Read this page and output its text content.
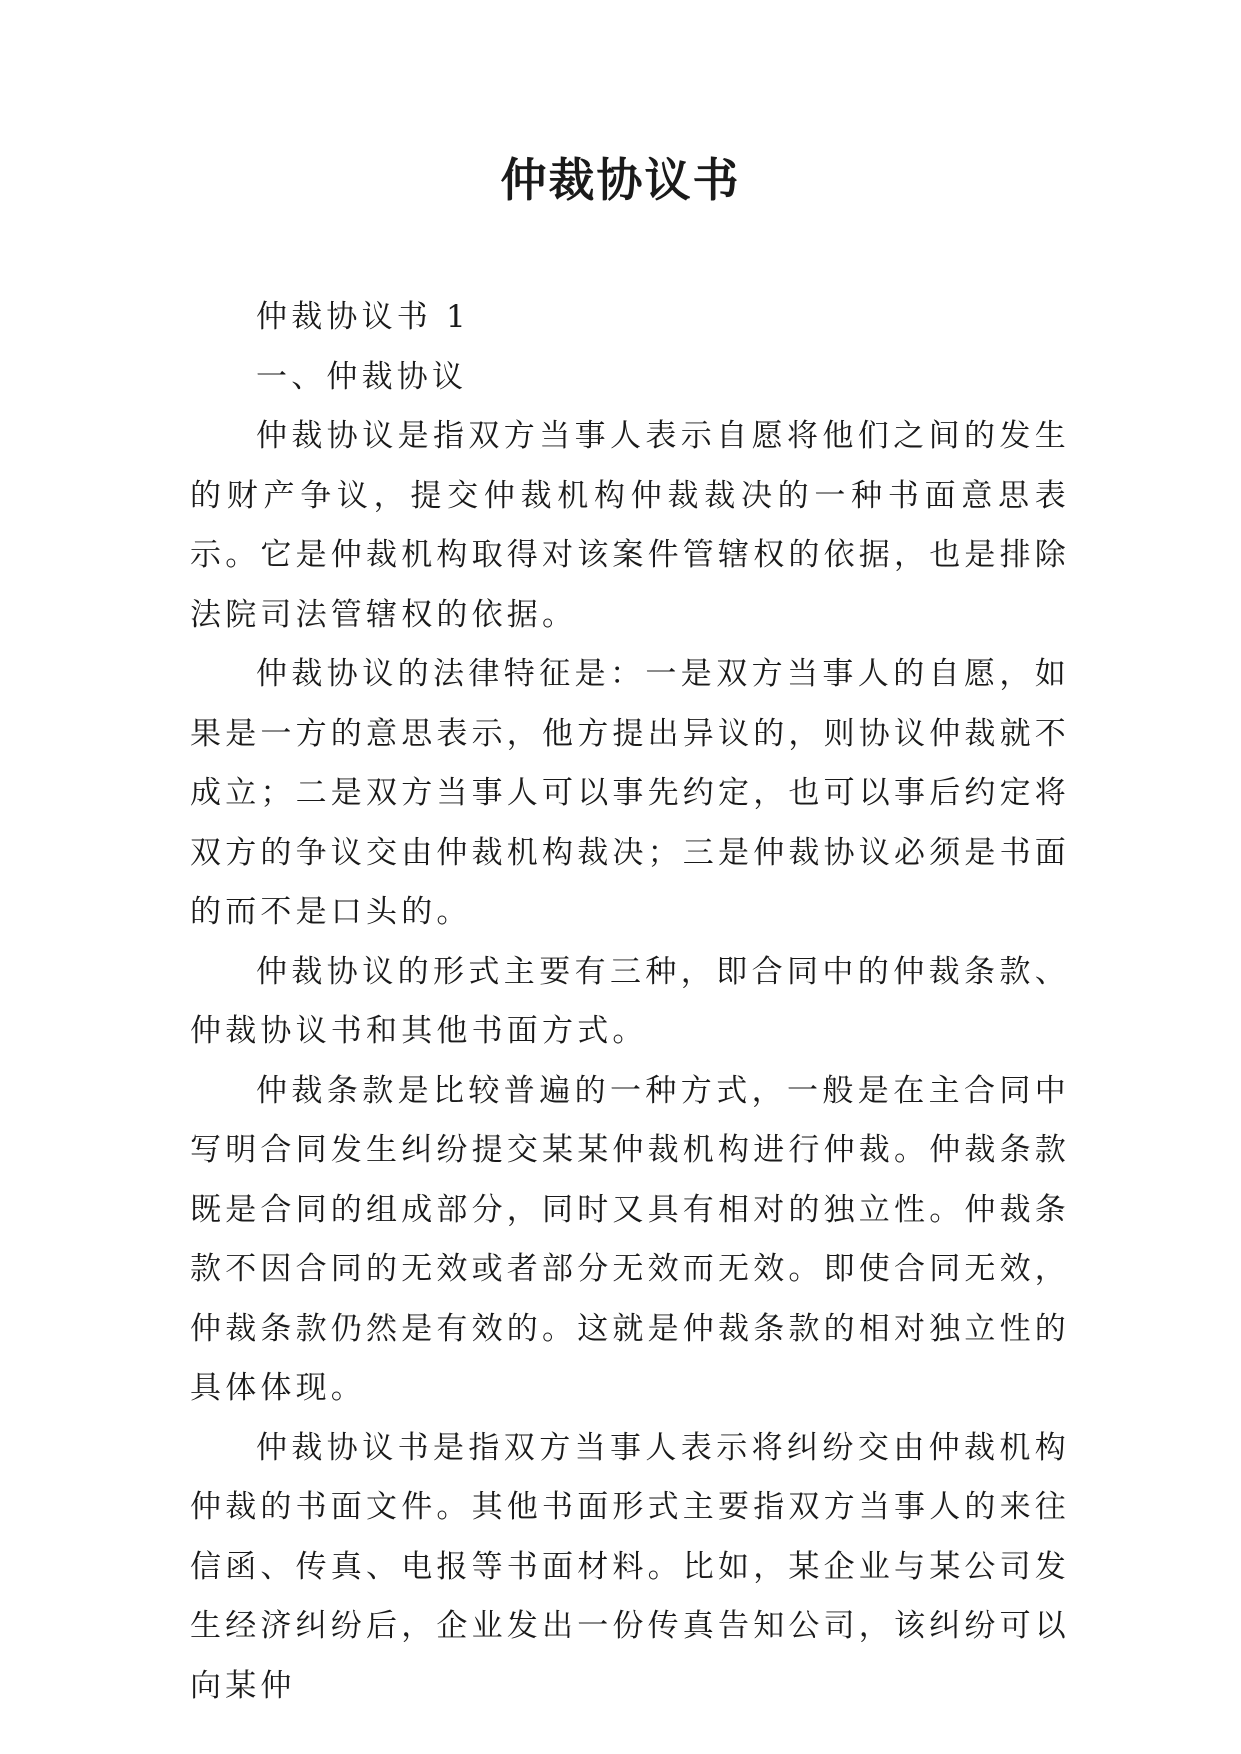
仲裁协议书

仲裁协议书 1

一、仲裁协议

仲裁协议是指双方当事人表示自愿将他们之间的发生的财产争议，提交仲裁机构仲裁裁决的一种书面意思表示。它是仲裁机构取得对该案件管辖权的依据，也是排除法院司法管辖权的依据。

仲裁协议的法律特征是：一是双方当事人的自愿，如果是一方的意思表示，他方提出异议的，则协议仲裁就不成立；二是双方当事人可以事先约定，也可以事后约定将双方的争议交由仲裁机构裁决；三是仲裁协议必须是书面的而不是口头的。

仲裁协议的形式主要有三种，即合同中的仲裁条款、仲裁协议书和其他书面方式。

仲裁条款是比较普遍的一种方式，一般是在主合同中写明合同发生纠纷提交某某仲裁机构进行仲裁。仲裁条款既是合同的组成部分，同时又具有相对的独立性。仲裁条款不因合同的无效或者部分无效而无效。即使合同无效，仲裁条款仍然是有效的。这就是仲裁条款的相对独立性的具体体现。

仲裁协议书是指双方当事人表示将纠纷交由仲裁机构仲裁的书面文件。其他书面形式主要指双方当事人的来往信函、传真、电报等书面材料。比如，某企业与某公司发生经济纠纷后，企业发出一份传真告知公司，该纠纷可以向某仲
